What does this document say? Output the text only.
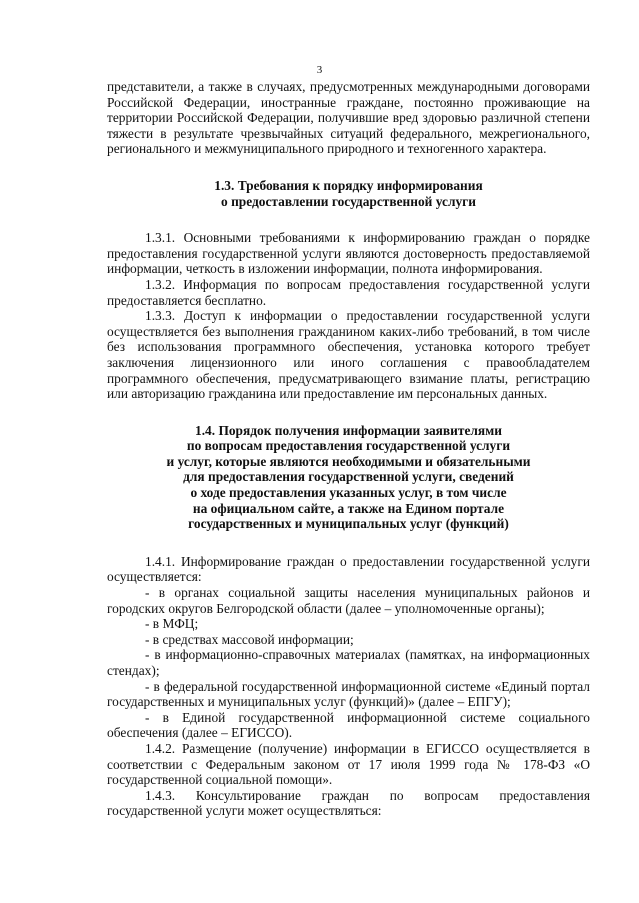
3

представители, а также в случаях, предусмотренных международными договорами Российской Федерации, иностранные граждане, постоянно проживающие на территории Российской Федерации, получившие вред здоровью различной степени тяжести в результате чрезвычайных ситуаций федерального, межрегионального, регионального и межмуниципального природного и техногенного характера.

1.3. Требования к порядку информирования
о предоставлении государственной услуги

1.3.1. Основными требованиями к информированию граждан о порядке предоставления государственной услуги являются достоверность предоставляемой информации, четкость в изложении информации, полнота информирования.

1.3.2. Информация по вопросам предоставления государственной услуги предоставляется бесплатно.

1.3.3. Доступ к информации о предоставлении государственной услуги осуществляется без выполнения гражданином каких-либо требований, в том числе без использования программного обеспечения, установка которого требует заключения лицензионного или иного соглашения с правообладателем программного обеспечения, предусматривающего взимание платы, регистрацию или авторизацию гражданина или предоставление им персональных данных.

1.4. Порядок получения информации заявителями
по вопросам предоставления государственной услуги
и услуг, которые являются необходимыми и обязательными
для предоставления государственной услуги, сведений
о ходе предоставления указанных услуг, в том числе
на официальном сайте, а также на Едином портале
государственных и муниципальных услуг (функций)

1.4.1. Информирование граждан о предоставлении государственной услуги осуществляется:

- в органах социальной защиты населения муниципальных районов и городских округов Белгородской области (далее – уполномоченные органы);

- в МФЦ;

- в средствах массовой информации;

- в информационно-справочных материалах (памятках, на информационных стендах);

- в федеральной государственной информационной системе «Единый портал государственных и муниципальных услуг (функций)» (далее – ЕПГУ);

- в Единой государственной информационной системе социального обеспечения (далее – ЕГИССО).

1.4.2. Размещение (получение) информации в ЕГИССО осуществляется в соответствии с Федеральным законом от 17 июля 1999 года № 178-ФЗ «О государственной социальной помощи».

1.4.3. Консультирование граждан по вопросам предоставления государственной услуги может осуществляться:
